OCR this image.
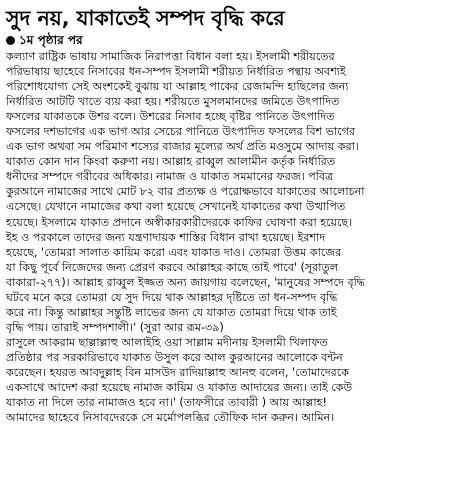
সুদ নয়, যাকাতেই সম্পদ বৃদ্ধি করে
১ম পৃষ্ঠার পর
কল্যাণ রাষ্ট্রিক ভাষায় সামাজিক নিরাপত্তা বিধান বলা হয়। ইসলামী শরীয়তের
পরিভাষায় ছাহেবে নিসাবের ধন-সম্পদ ইসলামী শরীয়ত নির্ধারিত পন্থায় অবশ্যই
পরিশোধযোগ্য সেই অংশকেই বুঝায় যা আল্লাহ পাকের রেজামন্দি হাছিলের জন্য
নির্ধারিত আটটি খাতে ব্যয় করা হয়। শরীয়তে মুসলমানদের জমিতে উৎপাদিত
ফসলের যাকাতকে উশর বলে। উশরের নিসাব হচ্ছে বৃষ্টির পানিতে উৎপাদিত
ফসলের দশভাগের এক ভাগ আর সেচের পানিতে উৎপাদিত ফসলের বিশ ভাগের
এক ভাগ অথবা সম পরিমাণ শস্যের বাজার মূল্যের অর্থ প্রতি মওসুমে আদায় করা।
যাকাত কোন দান কিংবা করুণা নয়। আল্লাহ রাব্বুল আলামীন কর্তৃক নির্ধারিত
ধনীদের সম্পদে গরীবের অধিকার। নামাজ ও যাকাত সমমানের ফরজ। পবিত্র
কুরআনে নামাজের সাথে মোট ৮২ বার প্রত্যক্ষ ও পরোক্ষভাবে যাকাতের আলোচনা
এসেছে। যেখানে নামাজের কথা বলা হয়েছে সেখানেই যাকাতের কথা উত্থাপিত
হয়েছে। ইসলামে যাকাত প্রদানে অস্বীকারকারীদেরকে কাফির ঘোষণা করা হয়েছে।
ইহ ও পরকালে তাদের জন্য যন্ত্রণাদায়ক শাস্তির বিধান রাখা হয়েছে। ইরশাদ
হয়েছে, 'তোমরা সালাত কায়িম করো এবং যাকাত দাও। তোমরা উত্তম কাজের
যা কিছু পূর্বে নিজেদের জন্য প্রেরণ করবে আল্লাহর কাছে তাই পাবে' (সূরাতুল
বাকারা-২৭৭)। আল্লাহ রাব্বুল ইজ্জত অন্য জায়গায় বলেছেন, 'মানুষের সম্পদে বৃদ্ধি
ঘটবে মনে করে তোমরা যে সুদ দিয়ে থাক আল্লাহর দৃষ্টিতে তা ধন-সম্পদ বৃদ্ধি
করে না। কিন্তু আল্লাহর সন্তুষ্টি লাভের জন্য যে যাকাত তোমরা দিয়ে থাক তাই
বৃদ্ধি পায়। তারাই সম্পদশালী।' (সুরা আর রূম-৩৯)
রাসুলে আকরাম ছাল্লাল্লাহু আলাইহি ওয়া সাল্লাম মদীনায় ইসলামী খিলাফত
প্রতিষ্ঠার পর সরকারিভাবে যাকাত উসুল করে আল কুরআনের আলোকে বন্টন
করেছেন। হযরত আবদুল্লাহ বিন মাসউদ রাদিয়াল্লাহু আনহু বলেন, 'তোমাদেরকে
একসাথে আদেশ করা হয়েছে নামাজ কায়িম ও যাকাত আদায়ের জন্য। তাই কেউ
যাকাত না দিলে তার নামাজও হবে না।' (তাফসীরে তাবারী ) আয় আল্লাহ!
আমাদের ছাহেবে নিসাবদেরকে সে মর্মোপলব্ধির তৌফিক দান করুন। আমিন।
